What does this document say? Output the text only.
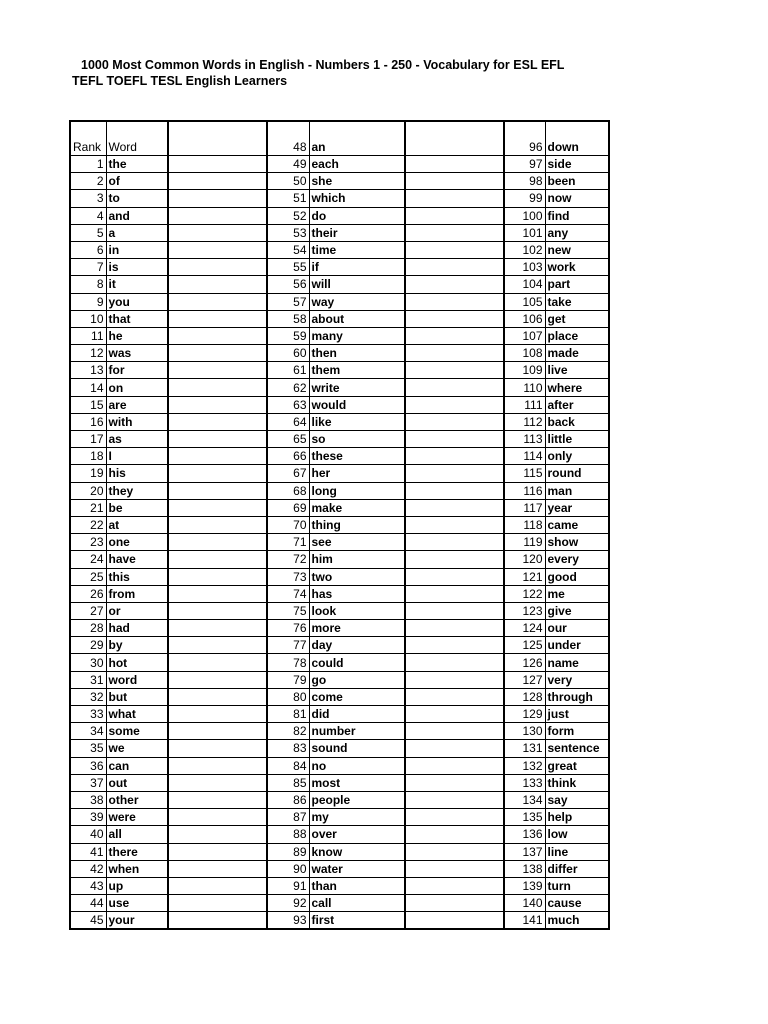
1000 Most Common Words in English - Numbers 1 - 250 - Vocabulary for ESL EFL
TEFL TOEFL TESL English Learners
Rank	Word		48	an		96	down
1	the		49	each		97	side
2	of		50	she		98	been
3	to		51	which		99	now
4	and		52	do		100	find
5	a		53	their		101	any
6	in		54	time		102	new
7	is		55	if		103	work
8	it		56	will		104	part
9	you		57	way		105	take
10	that		58	about		106	get
11	he		59	many		107	place
12	was		60	then		108	made
13	for		61	them		109	live
14	on		62	write		110	where
15	are		63	would		111	after
16	with		64	like		112	back
17	as		65	so		113	little
18	I		66	these		114	only
19	his		67	her		115	round
20	they		68	long		116	man
21	be		69	make		117	year
22	at		70	thing		118	came
23	one		71	see		119	show
24	have		72	him		120	every
25	this		73	two		121	good
26	from		74	has		122	me
27	or		75	look		123	give
28	had		76	more		124	our
29	by		77	day		125	under
30	hot		78	could		126	name
31	word		79	go		127	very
32	but		80	come		128	through
33	what		81	did		129	just
34	some		82	number		130	form
35	we		83	sound		131	sentence
36	can		84	no		132	great
37	out		85	most		133	think
38	other		86	people		134	say
39	were		87	my		135	help
40	all		88	over		136	low
41	there		89	know		137	line
42	when		90	water		138	differ
43	up		91	than		139	turn
44	use		92	call		140	cause
45	your		93	first		141	much
